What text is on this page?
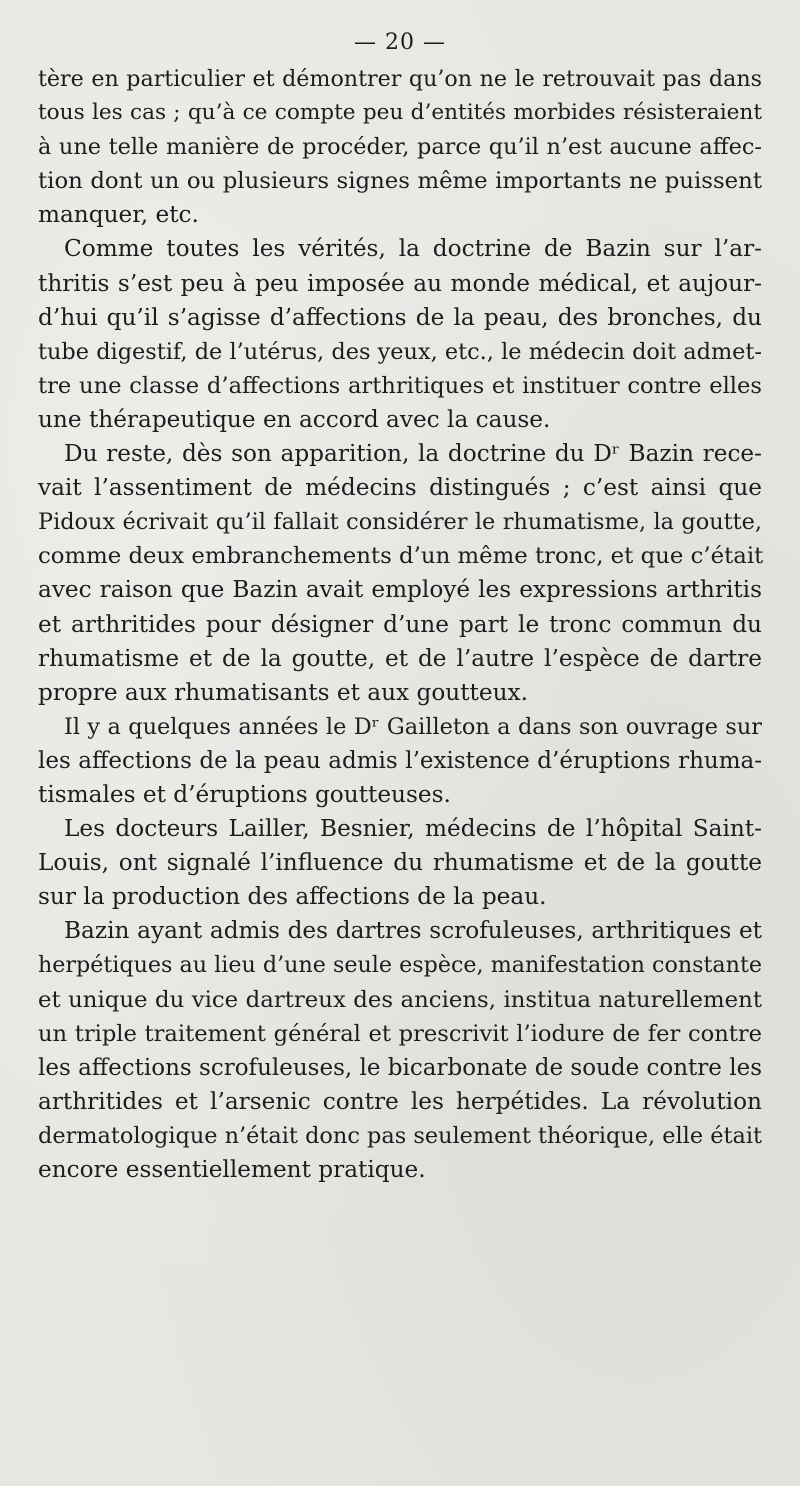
— 20 —
tère en particulier et démontrer qu’on ne le retrouvait pas dans
tous les cas ; qu’à ce compte peu d’entités morbides résisteraient
à une telle manière de procéder, parce qu’il n’est aucune affec-
tion dont un ou plusieurs signes même importants ne puissent
manquer, etc.
Comme toutes les vérités, la doctrine de Bazin sur l’ar-
thritis s’est peu à peu imposée au monde médical, et aujour-
d’hui qu’il s’agisse d’affections de la peau, des bronches, du
tube digestif, de l’utérus, des yeux, etc., le médecin doit admet-
tre une classe d’affections arthritiques et instituer contre elles
une thérapeutique en accord avec la cause.
Du reste, dès son apparition, la doctrine du Dʳ Bazin rece-
vait l’assentiment de médecins distingués ; c’est ainsi que
Pidoux écrivait qu’il fallait considérer le rhumatisme, la goutte,
comme deux embranchements d’un même tronc, et que c’était
avec raison que Bazin avait employé les expressions arthritis
et arthritides pour désigner d’une part le tronc commun du
rhumatisme et de la goutte, et de l’autre l’espèce de dartre
propre aux rhumatisants et aux goutteux.
Il y a quelques années le Dʳ Gailleton a dans son ouvrage sur
les affections de la peau admis l’existence d’éruptions rhuma-
tismales et d’éruptions goutteuses.
Les docteurs Lailler, Besnier, médecins de l’hôpital Saint-
Louis, ont signalé l’influence du rhumatisme et de la goutte
sur la production des affections de la peau.
Bazin ayant admis des dartres scrofuleuses, arthritiques et
herpétiques au lieu d’une seule espèce, manifestation constante
et unique du vice dartreux des anciens, institua naturellement
un triple traitement général et prescrivit l’iodure de fer contre
les affections scrofuleuses, le bicarbonate de soude contre les
arthritides et l’arsenic contre les herpétides. La révolution
dermatologique n’était donc pas seulement théorique, elle était
encore essentiellement pratique.
